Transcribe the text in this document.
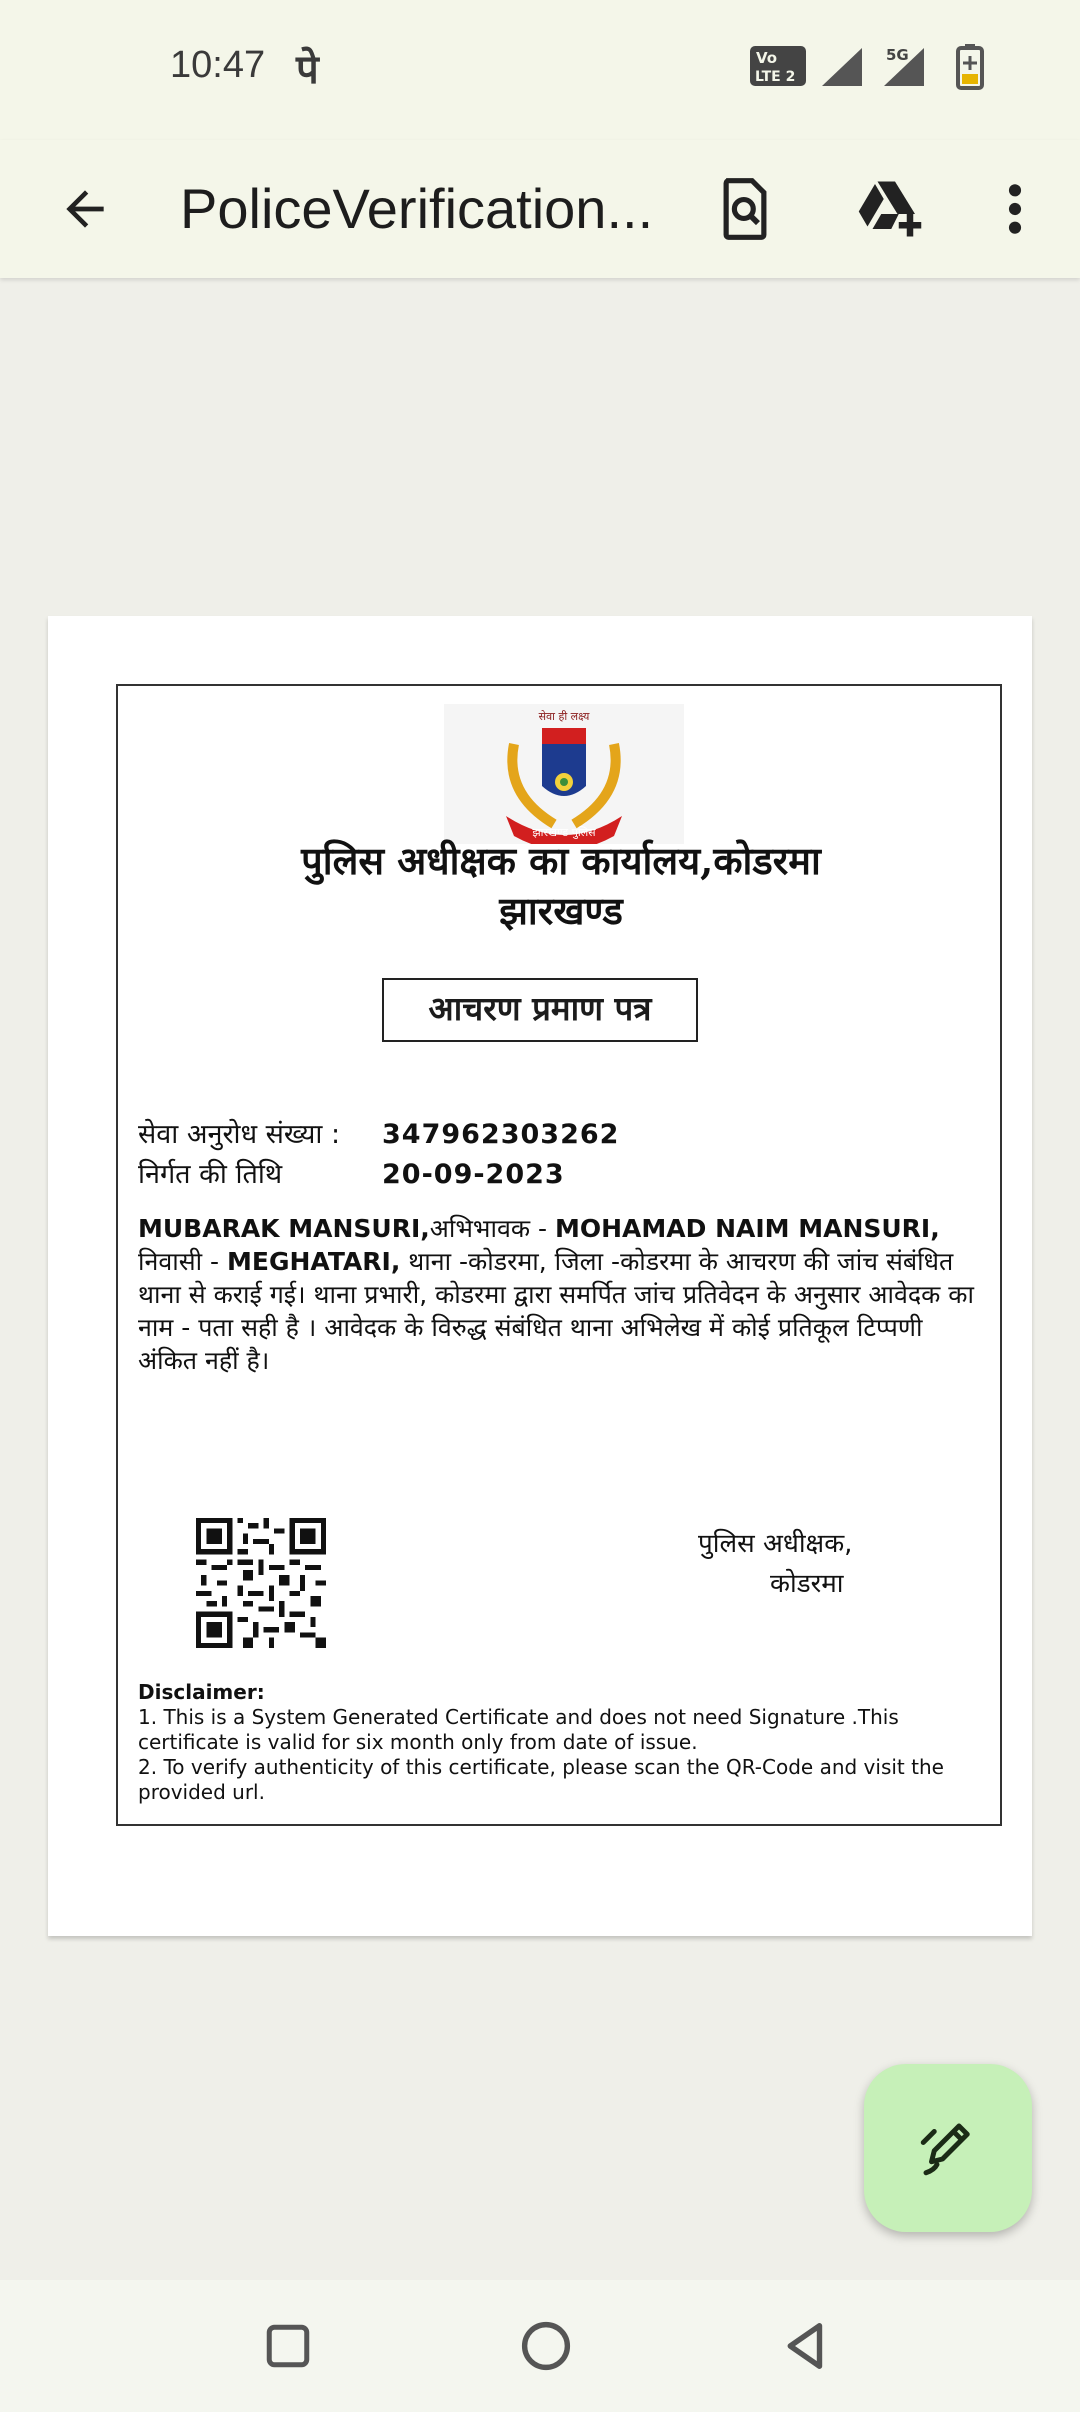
10:47 पे	Vo
LTE 2
5G
PoliceVerification...
सेवा ही लक्ष्य
झारखण्ड पुलिस
पुलिस अधीक्षक का कार्यालय,कोडरमा
झारखण्ड
आचरण प्रमाण पत्र
सेवा अनुरोध संख्या : 347962303262
निर्गत की तिथि	20-09-2023
MUBARAK MANSURI,अभिभावक - MOHAMAD NAIM MANSURI, निवासी - MEGHATARI, थाना -कोडरमा, जिला -कोडरमा के आचरण की जांच संबंधित थाना से कराई गई। थाना प्रभारी, कोडरमा द्वारा समर्पित जांच प्रतिवेदन के अनुसार आवेदक का नाम - पता सही है । आवेदक के विरुद्ध संबंधित थाना अभिलेख में कोई प्रतिकूल टिप्पणी अंकित नहीं है।
पुलिस अधीक्षक,
कोडरमा
Disclaimer:
1. This is a System Generated Certificate and does not need Signature .This certificate is valid for six month only from date of issue.
2. To verify authenticity of this certificate, please scan the QR-Code and visit the provided url.
